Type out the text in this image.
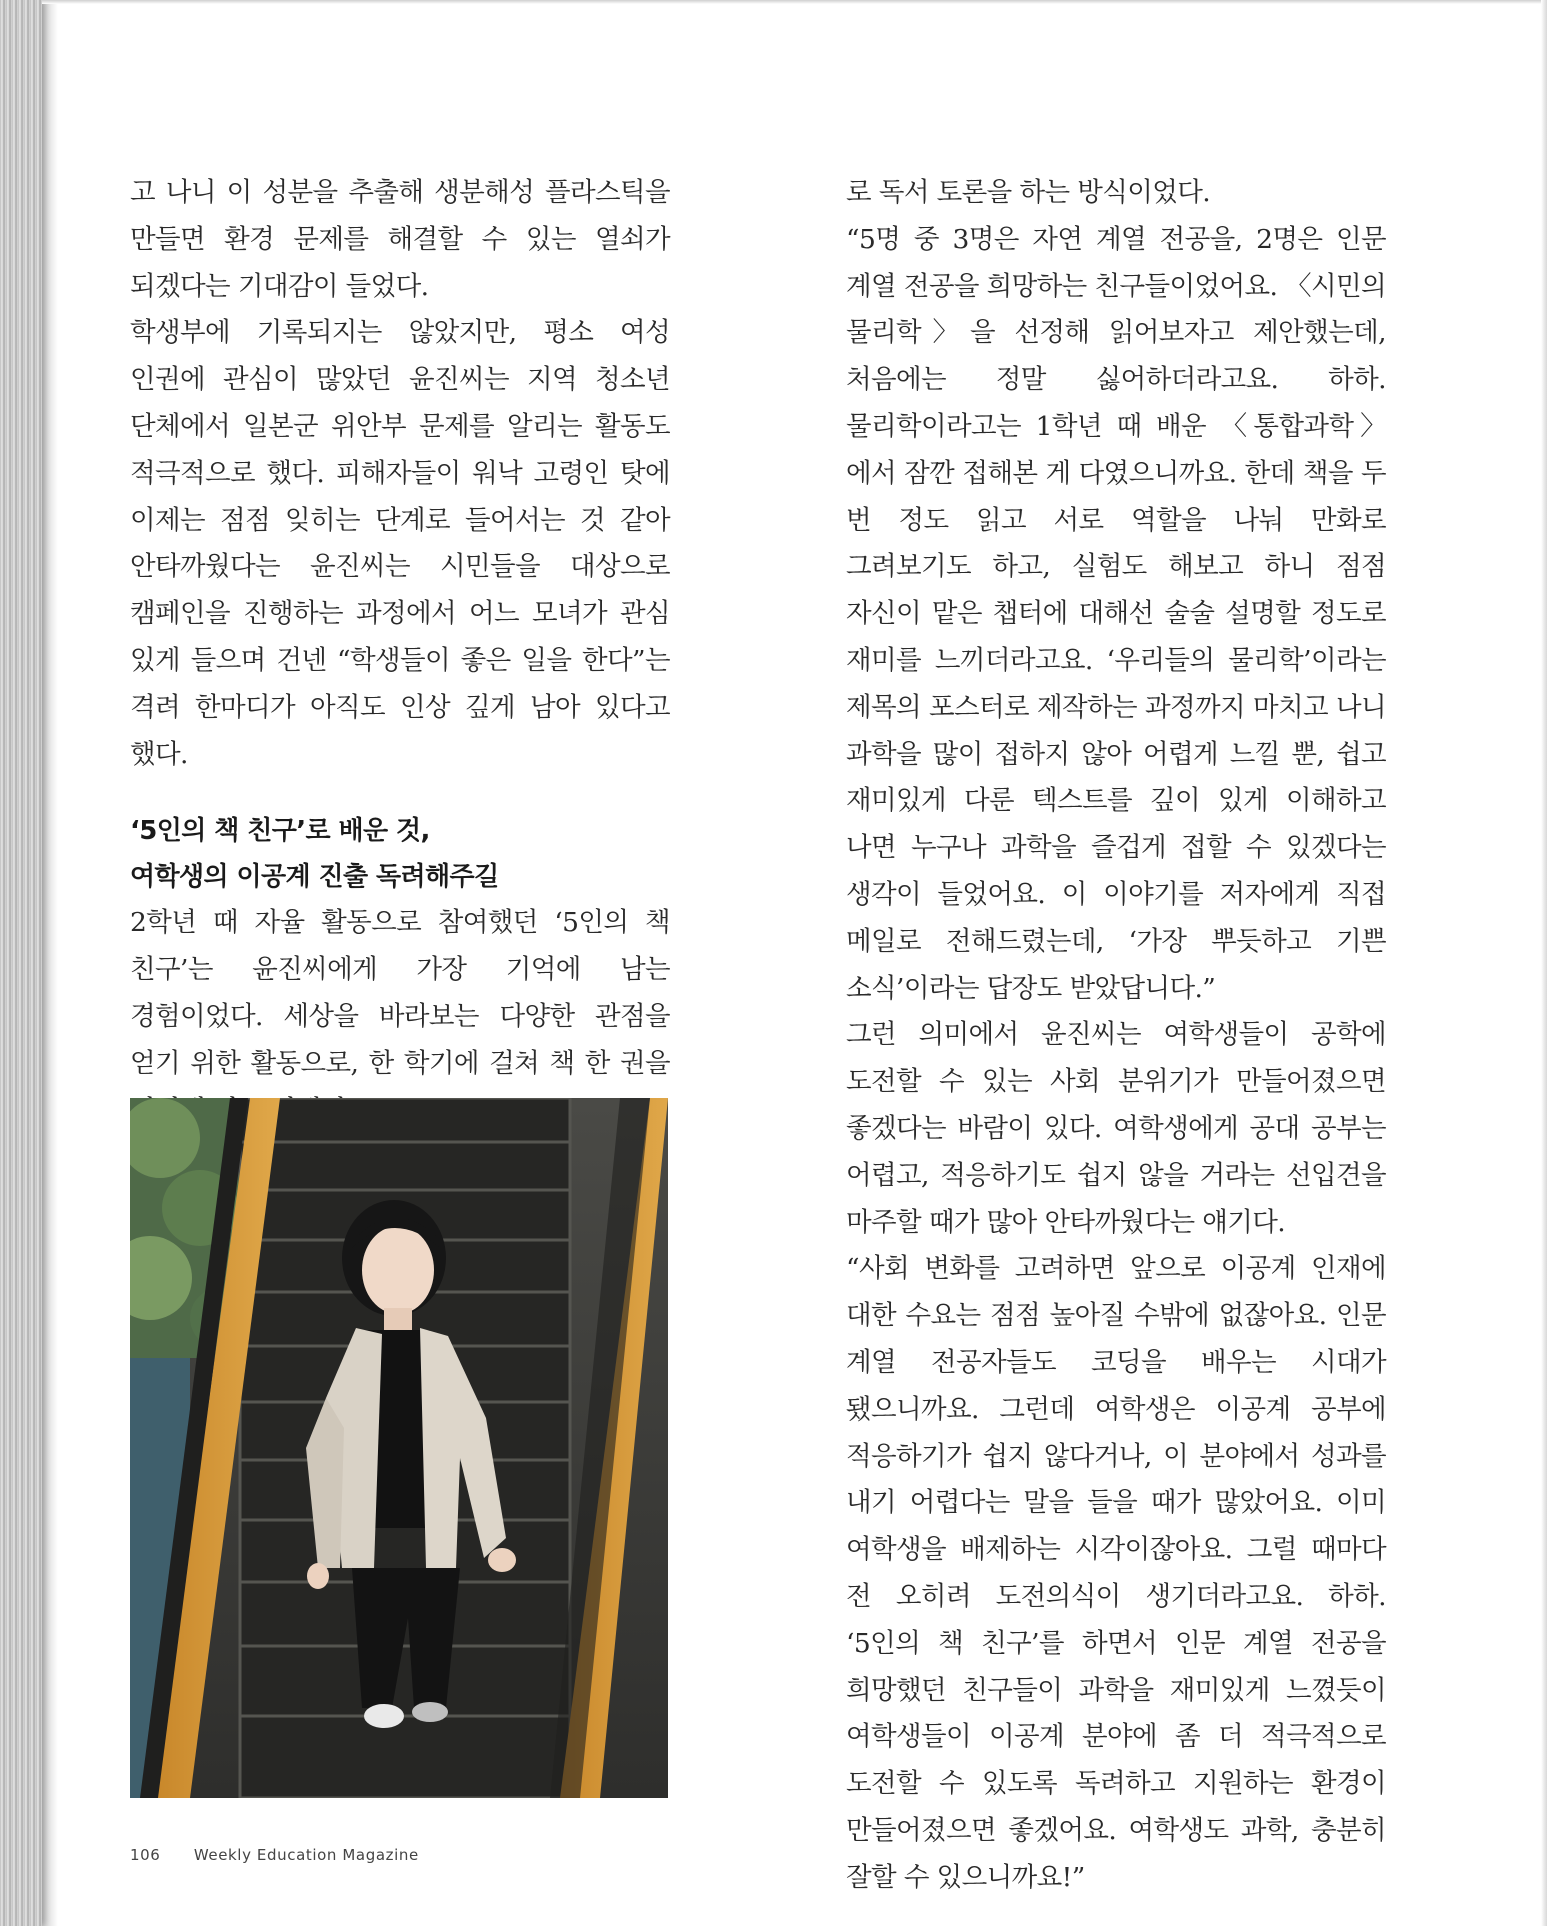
고 나니 이 성분을 추출해 생분해성 플라스틱을 만들면 환경 문제를 해결할 수 있는 열쇠가 되겠다는 기대감이 들었다.

학생부에 기록되지는 않았지만, 평소 여성 인권에 관심이 많았던 윤진씨는 지역 청소년 단체에서 일본군 위안부 문제를 알리는 활동도 적극적으로 했다. 피해자들이 워낙 고령인 탓에 이제는 점점 잊히는 단계로 들어서는 것 같아 안타까웠다는 윤진씨는 시민들을 대상으로 캠페인을 진행하는 과정에서 어느 모녀가 관심 있게 들으며 건넨 “학생들이 좋은 일을 한다”는 격려 한마디가 아직도 인상 깊게 남아 있다고 했다.

‘5인의 책 친구’로 배운 것,

여학생의 이공계 진출 독려해주길

2학년 때 자율 활동으로 참여했던 ‘5인의 책 친구’는 윤진씨에게 가장 기억에 남는 경험이었다. 세상을 바라보는 다양한 관점을 얻기 위한 활동으로, 한 학기에 걸쳐 책 한 권을

로 독서 토론을 하는 방식이었다.

“5명 중 3명은 자연 계열 전공을, 2명은 인문 계열 전공을 희망하는 친구들이었어요. 〈시민의 물리학〉을 선정해 읽어보자고 제안했는데, 처음에는 정말 싫어하더라고요. 하하. 물리학이라고는 1학년 때 배운 〈통합과학〉에서 잠깐 접해본 게 다였으니까요. 한데 책을 두 번 정도 읽고 서로 역할을 나눠 만화로 그려보기도 하고, 실험도 해보고 하니 점점 자신이 맡은 챕터에 대해선 술술 설명할 정도로 재미를 느끼더라고요. ‘우리들의 물리학’이라는 제목의 포스터로 제작하는 과정까지 마치고 나니 과학을 많이 접하지 않아 어렵게 느낄 뿐, 쉽고 재미있게 다룬 텍스트를 깊이 있게 이해하고 나면 누구나 과학을 즐겁게 접할 수 있겠다는 생각이 들었어요. 이 이야기를 저자에게 직접 메일로 전해드렸는데, ‘가장 뿌듯하고 기쁜 소식’이라는 답장도 받았답니다.”

그런 의미에서 윤진씨는 여학생들이 공학에 도전할 수 있는 사회 분위기가 만들어졌으면 좋겠다는 바람이 있다. 여학생에게 공대 공부는 어렵고, 적응하기도 쉽지 않을 거라는 선입견을 마주할 때가 많아 안타까웠다는 얘기다.

“사회 변화를 고려하면 앞으로 이공계 인재에 대한 수요는 점점 높아질 수밖에 없잖아요. 인문 계열 전공자들도 코딩을 배우는 시대가 됐으니까요. 그런데 여학생은 이공계 공부에 적응하기가 쉽지 않다거나, 이 분야에서 성과를 내기 어렵다는 말을 들을 때가 많았어요. 이미 여학생을 배제하는 시각이잖아요. 그럴 때마다 전 오히려 도전의식이 생기더라고요. 하하. ‘5인의 책 친구’를 하면서 인문 계열 전공을 희망했던 친구들이 과학을 재미있게 느꼈듯이 여학생들이 이공계 분야에 좀 더 적극적으로 도전할 수 있도록 독려하고 지원하는 환경이 만들어졌으면 좋겠어요. 여학생도 과학, 충분히 잘할 수 있으니까요!”

106 Weekly Education Magazine
